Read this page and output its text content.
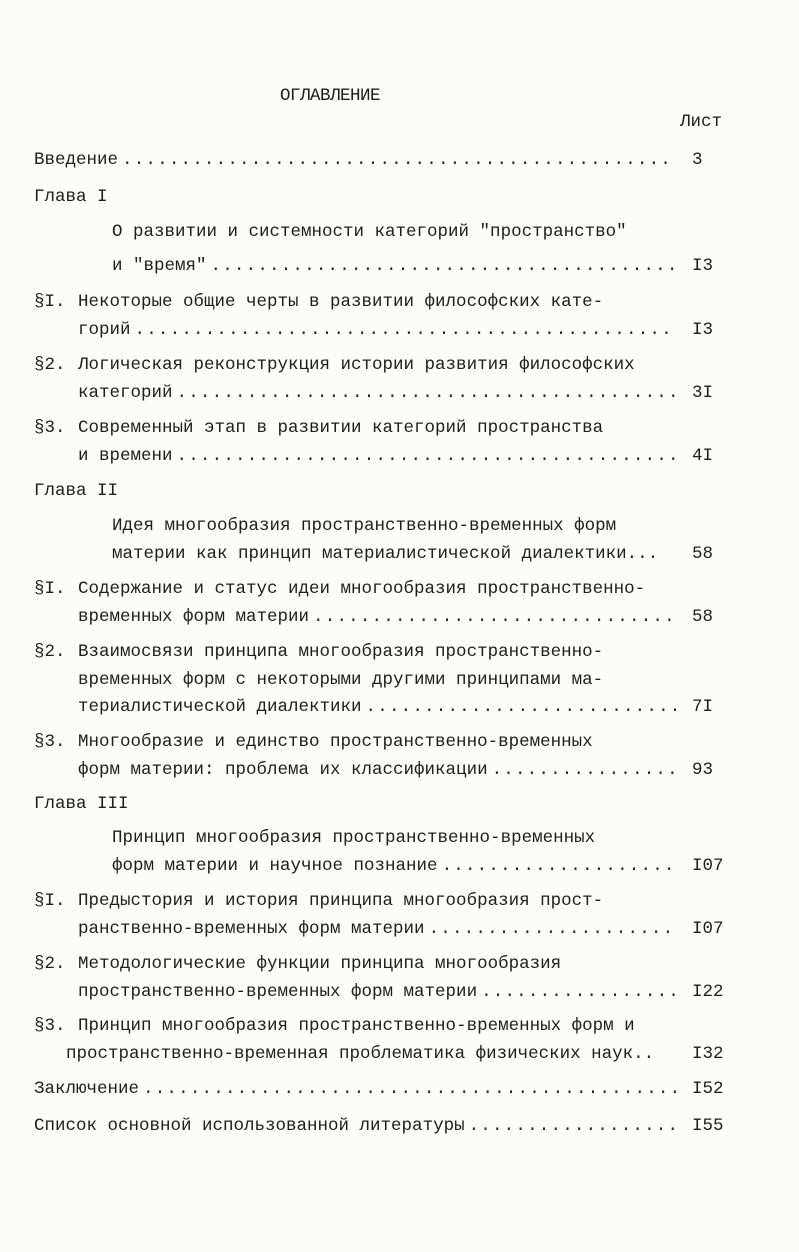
ОГЛАВЛЕНИЕ
Лист
Введение .....	3
Глава I
О развитии и системности категорий "пространство"
и "время" .....	I3
§I. Некоторые общие черты в развитии философских кате-
горий .....	I3
§2. Логическая реконструкция истории развития философских
категорий .....	3I
§3. Современный этап в развитии категорий пространства
и времени .....	4I
Глава II
Идея многообразия пространственно-временных форм
материи как принцип материалистической диалектики... 58
§I. Содержание и статус идеи многообразия пространственно-
временных форм материи .....	58
§2. Взаимосвязи принципа многообразия пространственно-
временных форм с некоторыми другими принципами ма-
териалистической диалектики .....	7I
§3. Многообразие и единство пространственно-временных
форм материи: проблема их классификации .....	93
Глава III
Принцип многообразия пространственно-временных
форм материи и научное познание .....	I07
§I. Предыстория и история принципа многообразия прост-
ранственно-временных форм материи .....	I07
§2. Методологические функции принципа многообразия
пространственно-временных форм материи .....	I22
§3. Принцип многообразия пространственно-временных форм и
пространственно-временная проблематика физических наук.. I32
Заключение .....	I52
Список основной использованной литературы .....	I55
